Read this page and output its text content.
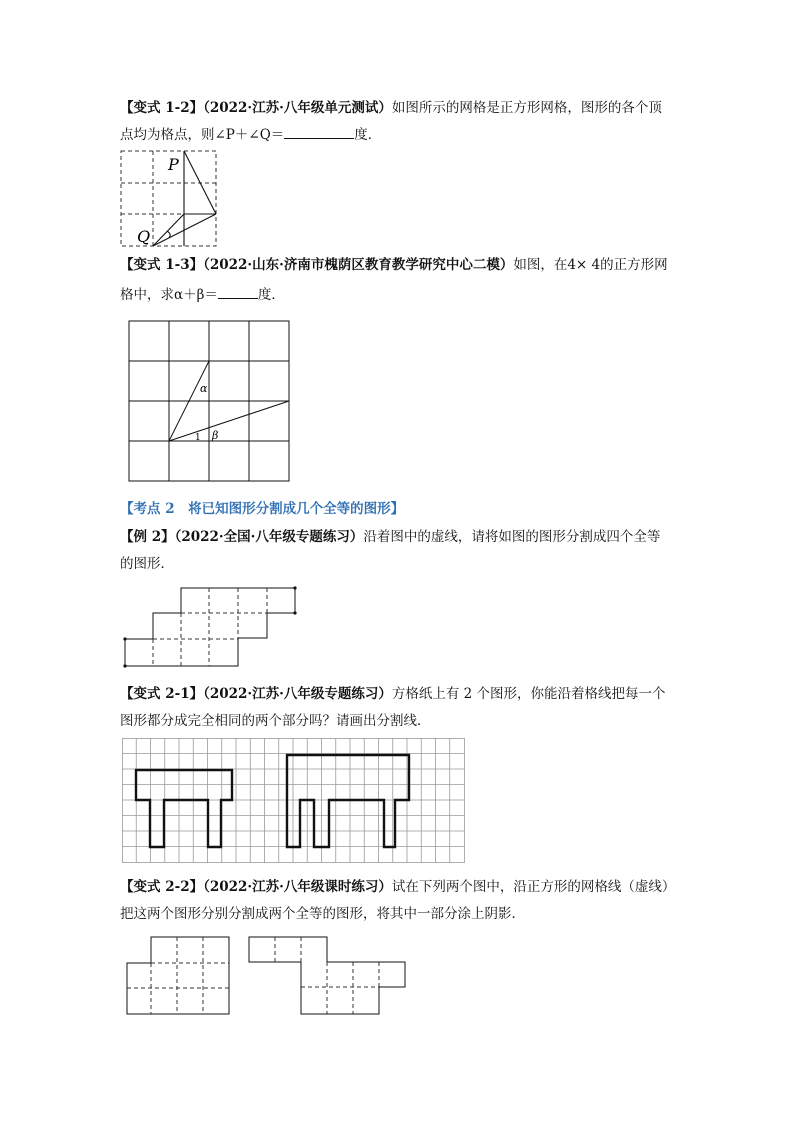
【变式 1-2】（2022·江苏·八年级单元测试）如图所示的网格是正方形网格，图形的各个顶
点均为格点，则∠P＋∠Q＝	度．
P
Q
【变式 1-3】（2022·山东·济南市槐荫区教育教学研究中心二模）如图，在4× 4的正方形网
格中，求α＋β＝	度．
α
β
1
【考点 2　将已知图形分割成几个全等的图形】
【例 2】（2022·全国·八年级专题练习）沿着图中的虚线，请将如图的图形分割成四个全等
的图形．
【变式 2-1】（2022·江苏·八年级专题练习）方格纸上有 2 个图形，你能沿着格线把每一个
图形都分成完全相同的两个部分吗？请画出分割线．
【变式 2-2】（2022·江苏·八年级课时练习）试在下列两个图中，沿正方形的网格线（虚线）
把这两个图形分别分割成两个全等的图形，将其中一部分涂上阴影．
